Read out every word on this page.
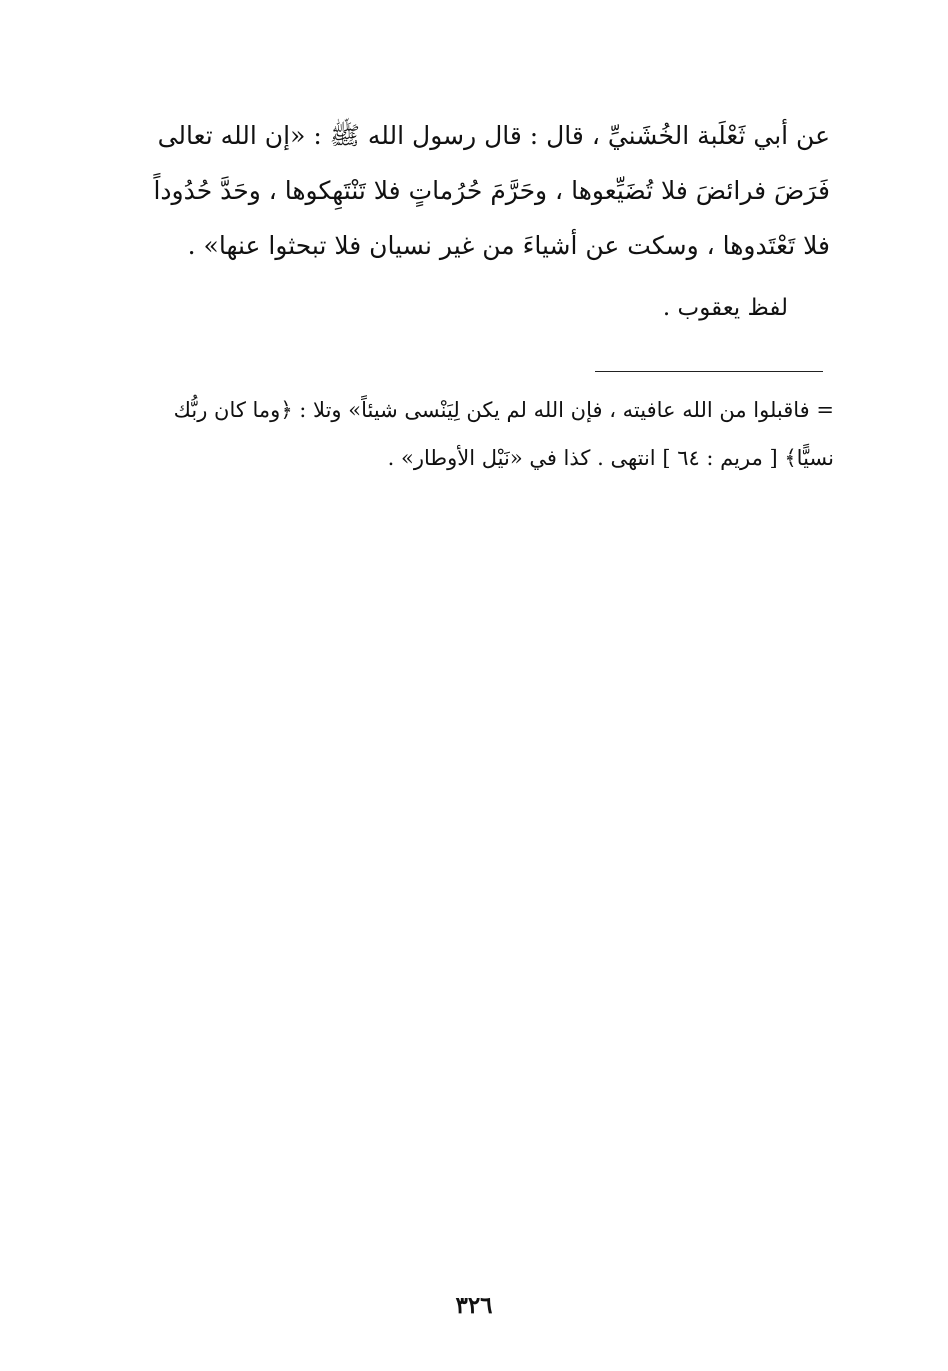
عن أبي ثَعْلَبة الخُشَنيِّ ، قال : قال رسول الله ﷺ : «إن الله تعالى

فَرَضَ فرائضَ فلا تُضَيِّعوها ، وحَرَّمَ حُرُماتٍ فلا تَنْتَهِكوها ، وحَدَّ حُدُوداً

فلا تَعْتَدوها ، وسكت عن أشياءَ من غير نسيان فلا تبحثوا عنها» .

لفظ يعقوب .

= فاقبلوا من الله عافيته ، فإن الله لم يكن لِيَنْسى شيئاً» وتلا : ﴿وما كان ربُّك

نسيًّا﴾ [ مريم : ٦٤ ] انتهى . كذا في «نَيْل الأوطار» .

٣٢٦
